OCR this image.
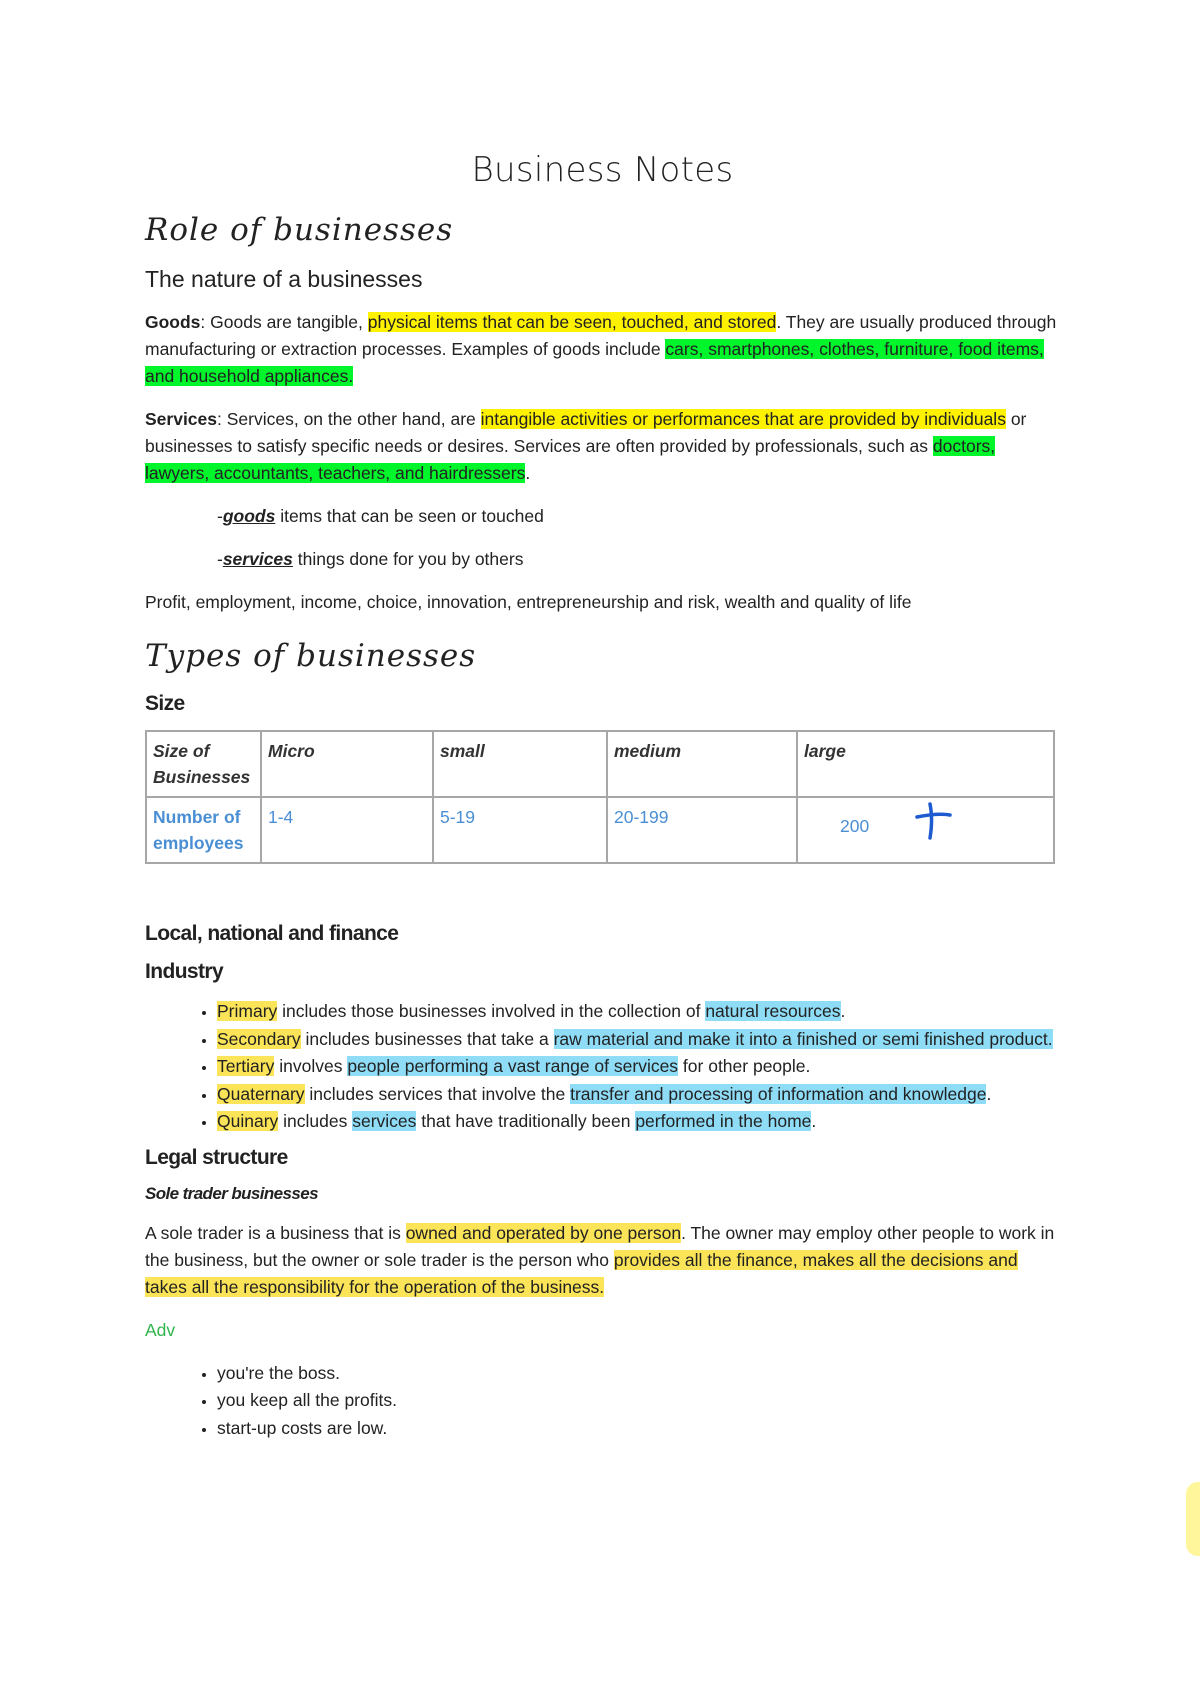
Business Notes
Role of businesses
The nature of a businesses

Goods: Goods are tangible, physical items that can be seen, touched, and stored. They are usually produced through manufacturing or extraction processes. Examples of goods include cars, smartphones, clothes, furniture, food items, and household appliances.

Services: Services, on the other hand, are intangible activities or performances that are provided by individuals or businesses to satisfy specific needs or desires. Services are often provided by professionals, such as doctors, lawyers, accountants, teachers, and hairdressers.

-goods items that can be seen or touched

-services things done for you by others

Profit, employment, income, choice, innovation, entrepreneurship and risk, wealth and quality of life

Types of businesses
Size
Size of Businesses	Micro	small	medium	large
Number of employees	1-4	5-19	20-199	200
Local, national and finance
Industry
• Primary includes those businesses involved in the collection of natural resources.
• Secondary includes businesses that take a raw material and make it into a finished or semi finished product.
• Tertiary involves people performing a vast range of services for other people.
• Quaternary includes services that involve the transfer and processing of information and knowledge.
• Quinary includes services that have traditionally been performed in the home.
Legal structure
Sole trader businesses

A sole trader is a business that is owned and operated by one person. The owner may employ other people to work in the business, but the owner or sole trader is the person who provides all the finance, makes all the decisions and takes all the responsibility for the operation of the business.

Adv

• you're the boss.
• you keep all the profits.
• start-up costs are low.
